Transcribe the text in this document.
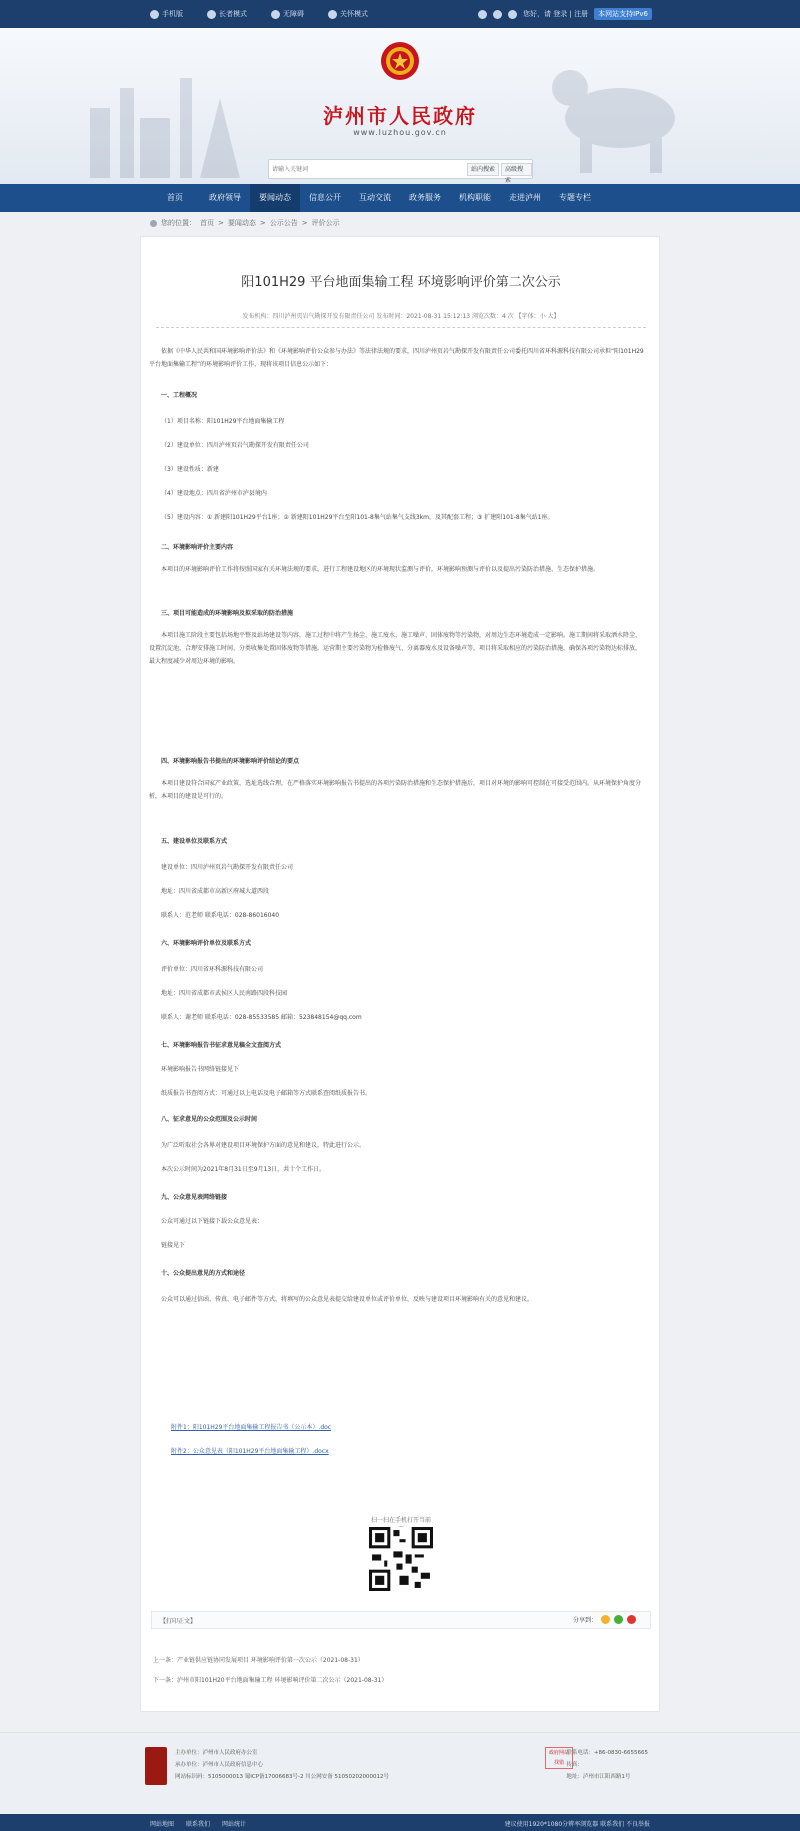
手机版	长者模式	无障碍	关怀模式	您好，请 登录 | 注册	本网站支持IPv6
泸州市人民政府
www.luzhou.gov.cn
请输入关键词
站内搜索	高级搜索
首页	政府领导	要闻动态	信息公开	互动交流	政务服务	机构职能	走进泸州	专题专栏
您的位置： 首页 > 要闻动态 > 公示公告 > 评价公示
阳101H29 平台地面集输工程 环境影响评价第二次公示
发布机构：四川泸州页岩气勘探开发有限责任公司 发布时间：2021-08-31 15:12:13 浏览次数：4 次 【字体：小 大】
依据《中华人民共和国环境影响评价法》和《环境影响评价公众参与办法》等法律法规的要求，四川泸州页岩气勘探开发有限责任公司委托四川省环科源科技有限公司承担“阳101H29 平台地面集输工程”的环境影响评价工作，现将该项目信息公示如下：
一、工程概况
（1）项目名称：阳101H29平台地面集输工程
（2）建设单位：四川泸州页岩气勘探开发有限责任公司
（3）建设性质：新建
（4）建设地点：四川省泸州市泸县境内
（5）建设内容：① 新建阳101H29平台1座；② 新建阳101H29平台至阳101-8集气站集气支线3km，及其配套工程；③ 扩建阳101-8集气站1座。
二、环境影响评价主要内容
本项目的环境影响评价工作将按照国家有关环境法规的要求，进行工程建设地区的环境现状监测与评价，环境影响预测与评价以及提出污染防治措施、生态保护措施。
三、项目可能造成的环境影响及拟采取的防治措施
本项目施工阶段主要包括场地平整及站场建设等内容，施工过程中将产生扬尘、施工废水、施工噪声、固体废物等污染物，对周边生态环境造成一定影响。施工期间将采取洒水降尘、设置沉淀池、合理安排施工时间、分类收集处置固体废物等措施。运营期主要污染物为检修废气、分离器废水及设备噪声等，项目将采取相应的污染防治措施，确保各项污染物达标排放，最大程度减少对周边环境的影响。
四、环境影响报告书提出的环境影响评价结论的要点
本项目建设符合国家产业政策，选址选线合理，在严格落实环境影响报告书提出的各项污染防治措施和生态保护措施后，项目对环境的影响可控制在可接受范围内。从环境保护角度分析，本项目的建设是可行的。
五、建设单位及联系方式
建设单位：四川泸州页岩气勘探开发有限责任公司
地址：四川省成都市高新区府城大道西段
联系人：范老师 联系电话：028-86016040
六、环境影响评价单位及联系方式
评价单位：四川省环科源科技有限公司
地址：四川省成都市武侯区人民南路四段科技园
联系人：谢老师 联系电话：028-85533585 邮箱：523848154@qq.com
七、环境影响报告书征求意见稿全文查阅方式
环境影响报告书网络链接见下
纸质报告书查阅方式：可通过以上电话及电子邮箱等方式联系查阅纸质报告书。
八、征求意见的公众范围及公示时间
为广泛听取社会各界对建设项目环境保护方面的意见和建议，特此进行公示。
本次公示时间为2021年8月31日至9月13日，共十个工作日。
九、公众意见表网络链接
公众可通过以下链接下载公众意见表：
链接见下
十、公众提出意见的方式和途径
公众可以通过信函、传真、电子邮件等方式，将填写的公众意见表提交给建设单位或评价单位，反映与建设项目环境影响有关的意见和建议。
附件1：阳101H29平台地面集输工程报告书（公示本）.doc
附件2：公众意见表（阳101H29平台地面集输工程）.docx
扫一扫在手机打开当前
【打印正文】	分享到：
上一条：产业链供应链协同发展项目 环境影响评价第一次公示（2021-08-31）
下一条：泸州市阳101H20平台地面集输工程 环境影响评价第二次公示（2021-08-31）
主办单位：泸州市人民政府办公室
承办单位：泸州市人民政府信息中心
网站标识码：5105000013 蜀ICP备17006683号-2 川公网安备 51050202000012号
政府网站 找错
联系电话：+86-0830-6655665
传真：
地址：泸州市江阳西路1号
网站地图 联系我们 网站统计	建议使用1920*1080分辨率浏览器 联系我们 不良举报
